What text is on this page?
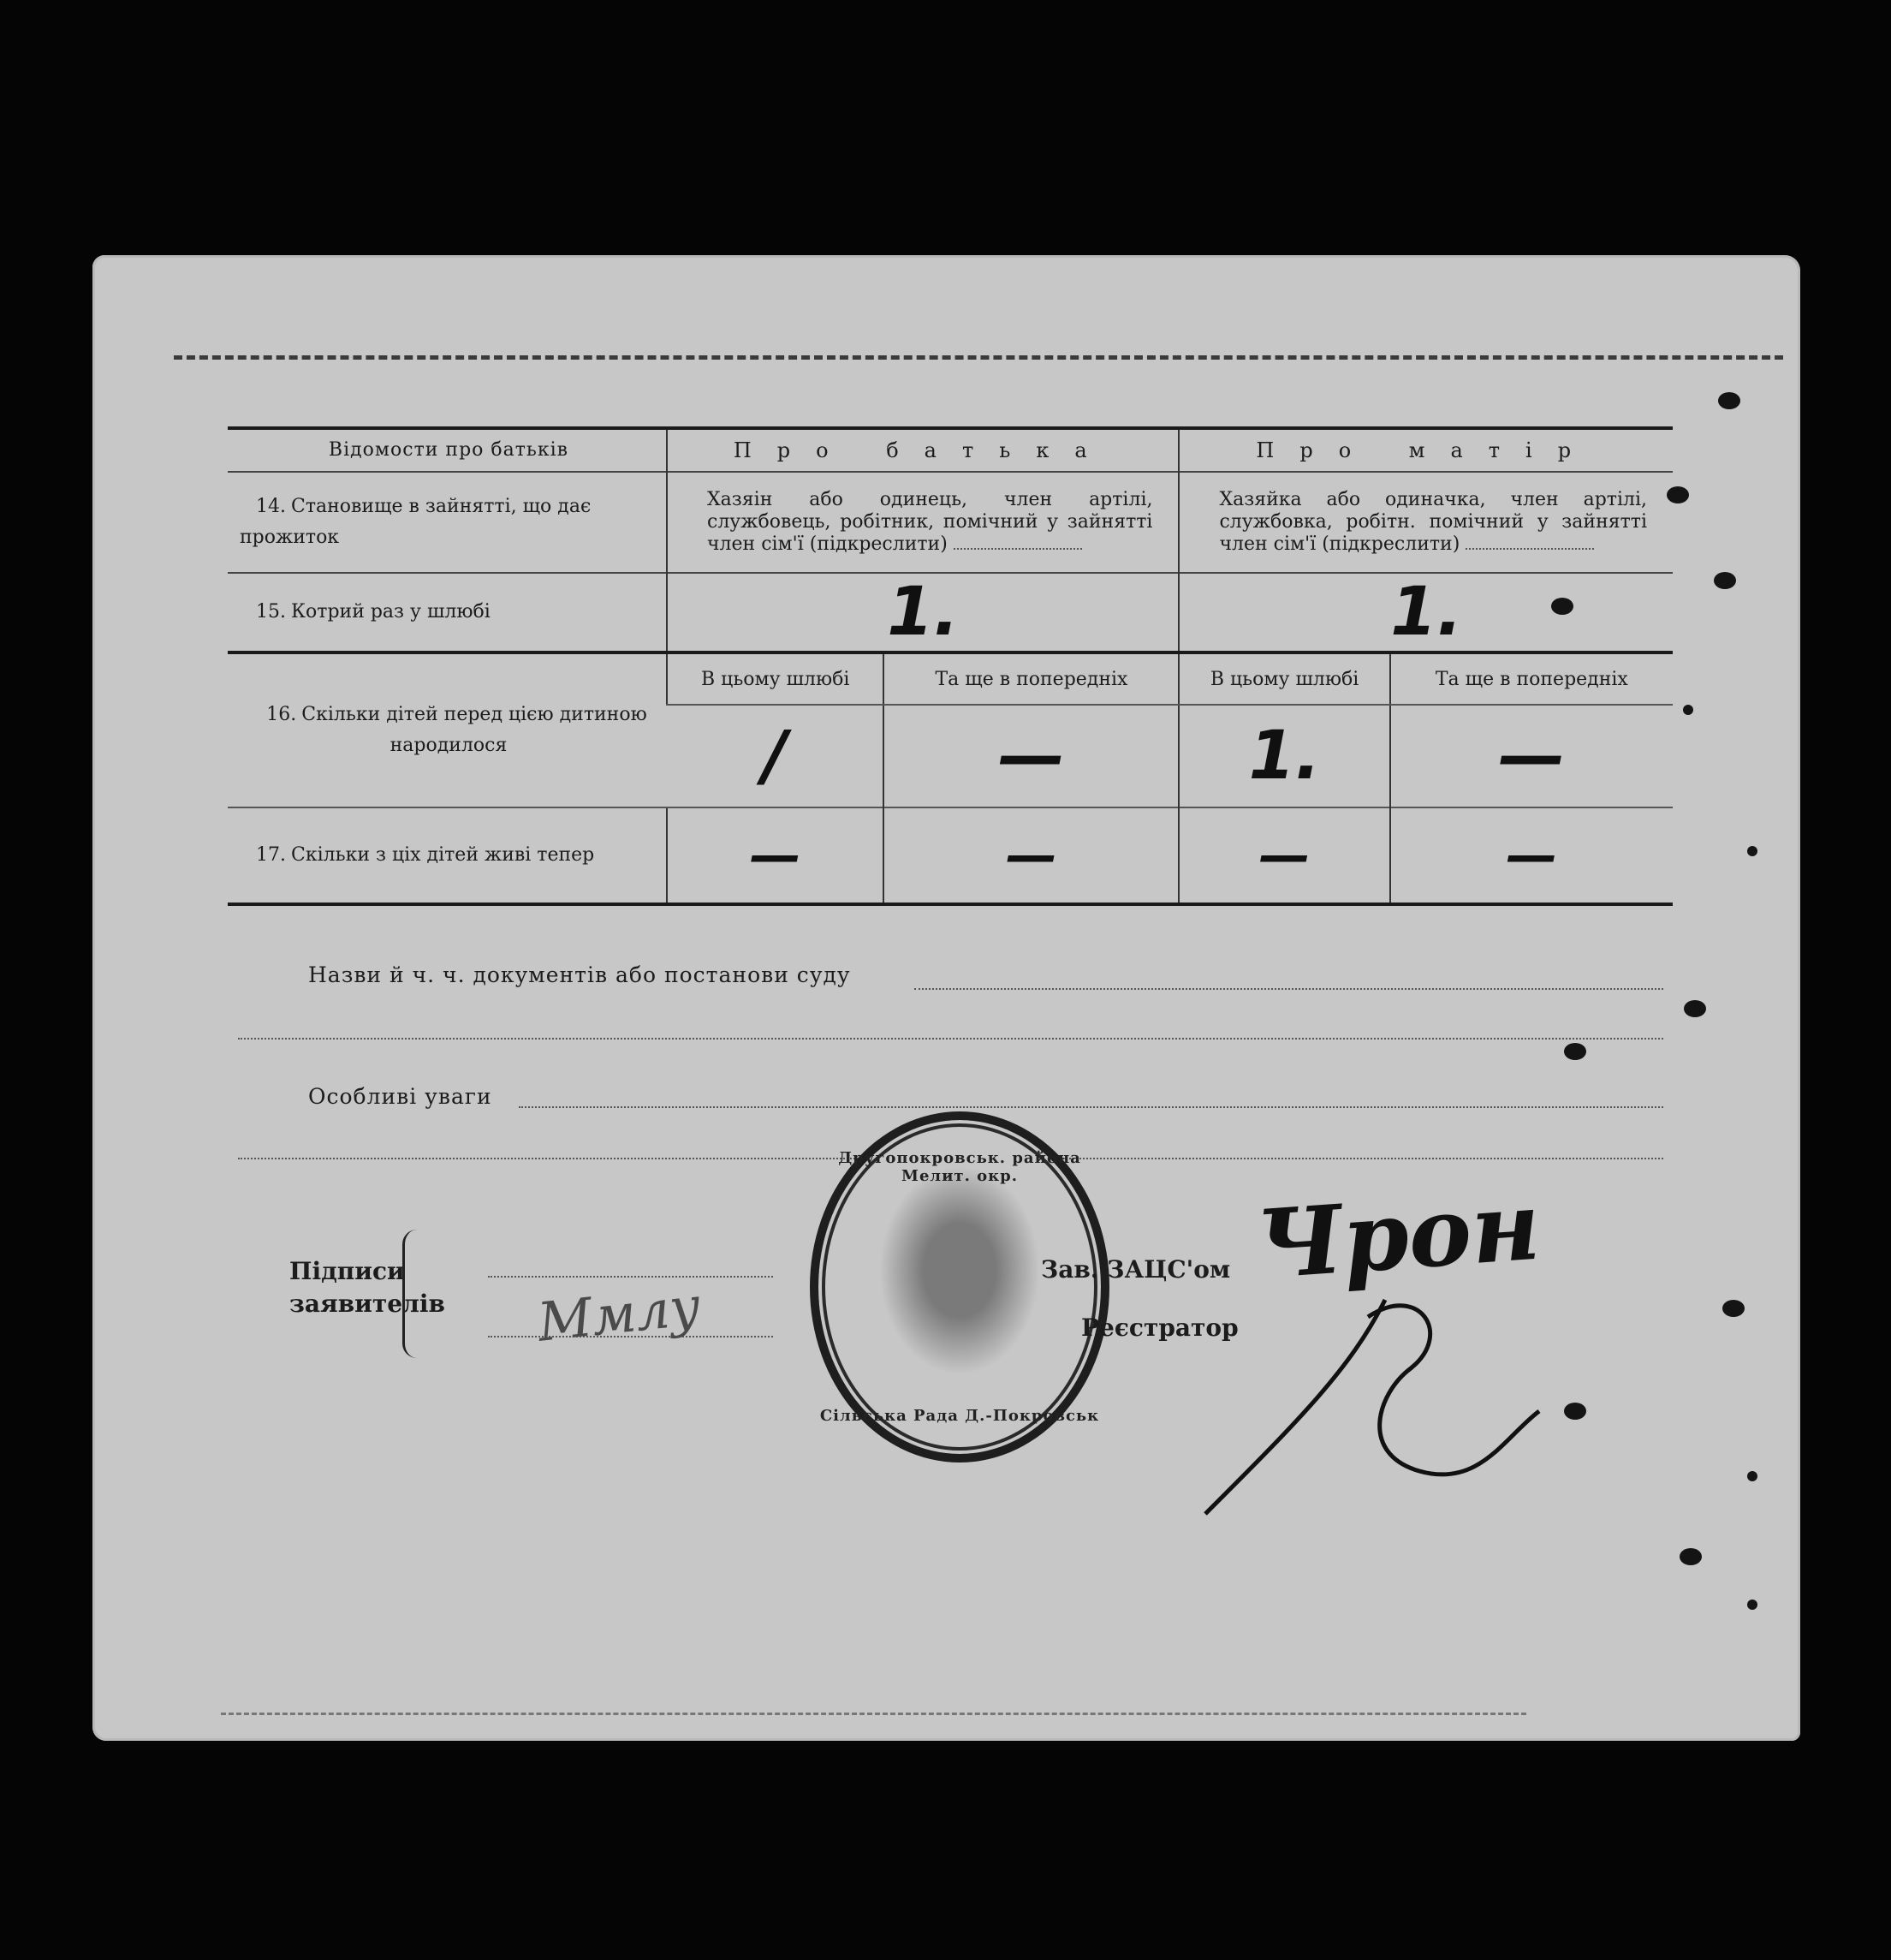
Відомости про батьків	Про батька		Про матір	
14. Становище в зайнятті, що дає прожиток	Хазяін або одинець, член артілі, службовець, робітник, помічний у зайнятті член сім'ї (підкреслити)		Хазяйка або одиначка, член артілі, службовка, робітн. помічний у зайнятті член сім'ї (підкреслити)	
15. Котрий раз у шлюбі	1.		1.	
16. Скільки дітей перед цією дитиною народилося	В цьому шлюбі	Та ще в попередніх	В цьому шлюбі	Та ще в попередніх
	/	—	1.	—
17. Скільки з ціх дітей живі тепер	—	—	—	—
Назви й ч. ч. документів або постанови суду
Особливі уваги
Підписи
заявителів Ммлу
Другопокровськ. районa Мелит. окр.
Сільська Рада Д.-Покровськ
Зав. ЗАЦС'ом
Реєстратор
Чрон
